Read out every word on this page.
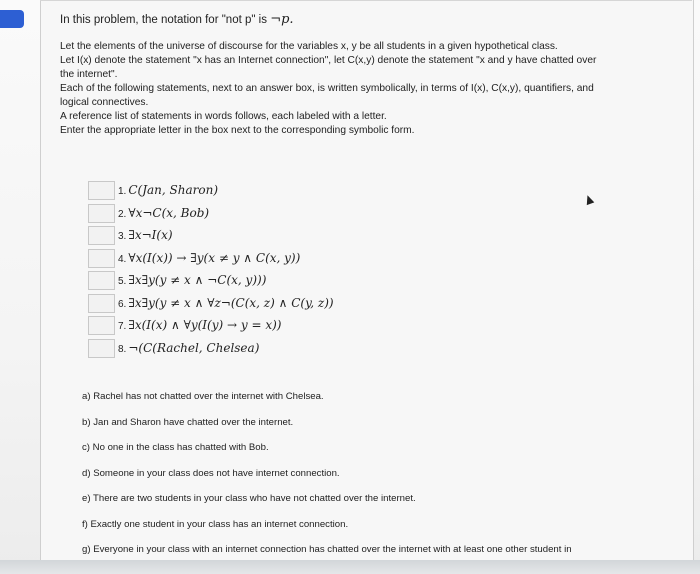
In this problem, the notation for "not p" is ¬p.
Let the elements of the universe of discourse for the variables x, y be all students in a given hypothetical class.
Let I(x) denote the statement "x has an Internet connection", let C(x,y) denote the statement "x and y have chatted over
the internet".
Each of the following statements, next to an answer box, is written symbolically, in terms of I(x), C(x,y), quantifiers, and
logical connectives.
A reference list of statements in words follows, each labeled with a letter.
Enter the appropriate letter in the box next to the corresponding symbolic form.
1. C(Jan, Sharon)
2. ∀x¬C(x, Bob)
3. ∃x¬I(x)
4. ∀x(I(x)) → ∃y(x ≠ y ∧ C(x, y))
5. ∃x∃y(y ≠ x ∧ ¬C(x, y)))
6. ∃x∃y(y ≠ x ∧ ∀z¬(C(x, z) ∧ C(y, z))
7. ∃x(I(x) ∧ ∀y(I(y) → y = x))
8. ¬(C(Rachel, Chelsea)
a) Rachel has not chatted over the internet with Chelsea.
b) Jan and Sharon have chatted over the internet.
c) No one in the class has chatted with Bob.
d) Someone in your class does not have internet connection.
e) There are two students in your class who have not chatted over the internet.
f) Exactly one student in your class has an internet connection.
g) Everyone in your class with an internet connection has chatted over the internet with at least one other student in
